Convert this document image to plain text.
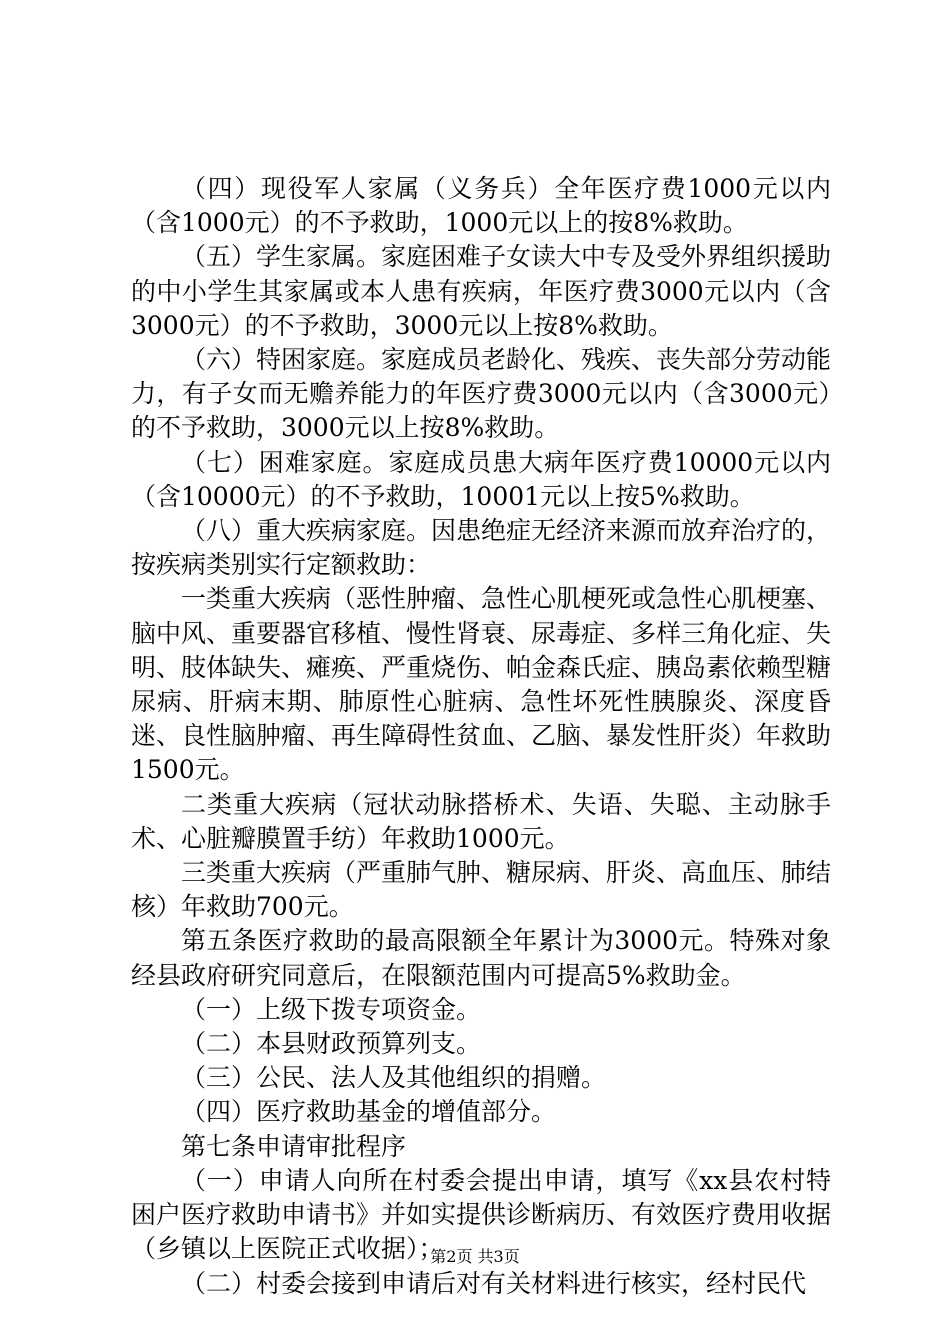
（四）现役军人家属（义务兵）全年医疗费1000元以内（含1000元）的不予救助，1000元以上的按8%救助。

（五）学生家属。家庭困难子女读大中专及受外界组织援助的中小学生其家属或本人患有疾病，年医疗费3000元以内（含3000元）的不予救助，3000元以上按8%救助。

（六）特困家庭。家庭成员老龄化、残疾、丧失部分劳动能力，有子女而无赡养能力的年医疗费3000元以内（含3000元）的不予救助，3000元以上按8%救助。

（七）困难家庭。家庭成员患大病年医疗费10000元以内（含10000元）的不予救助，10001元以上按5%救助。

（八）重大疾病家庭。因患绝症无经济来源而放弃治疗的，按疾病类别实行定额救助：

一类重大疾病（恶性肿瘤、急性心肌梗死或急性心肌梗塞、脑中风、重要器官移植、慢性肾衰、尿毒症、多样三角化症、失明、肢体缺失、瘫痪、严重烧伤、帕金森氏症、胰岛素依赖型糖尿病、肝病末期、肺原性心脏病、急性坏死性胰腺炎、深度昏迷、良性脑肿瘤、再生障碍性贫血、乙脑、暴发性肝炎）年救助1500元。

二类重大疾病（冠状动脉搭桥术、失语、失聪、主动脉手术、心脏瓣膜置手纺）年救助1000元。

三类重大疾病（严重肺气肿、糖尿病、肝炎、高血压、肺结核）年救助700元。

第五条医疗救助的最高限额全年累计为3000元。特殊对象经县政府研究同意后，在限额范围内可提高5%救助金。

（一）上级下拨专项资金。

（二）本县财政预算列支。

（三）公民、法人及其他组织的捐赠。

（四）医疗救助基金的增值部分。

第七条申请审批程序

（一）申请人向所在村委会提出申请，填写《xx县农村特困户医疗救助申请书》并如实提供诊断病历、有效医疗费用收据（乡镇以上医院正式收据）；

（二）村委会接到申请后对有关材料进行核实，经村民代

第2页 共3页
